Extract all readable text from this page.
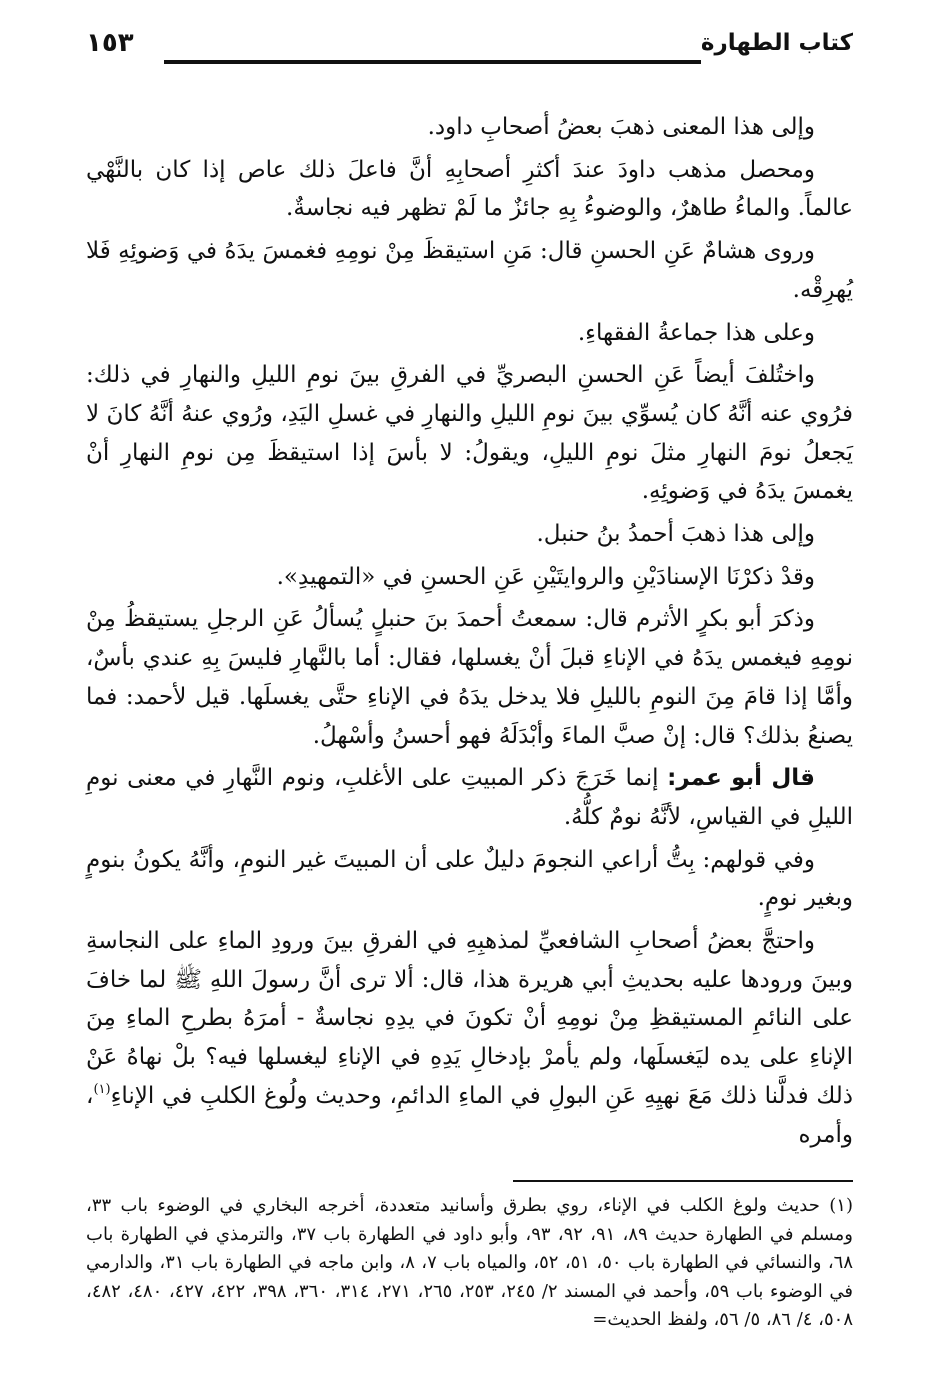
كتاب الطهارة
١٥٣

وإلى هذا المعنى ذهبَ بعضُ أصحابِ داود.

ومحصل مذهب داودَ عندَ أكثرِ أصحابِهِ أنَّ فاعلَ ذلك عاص إذا كان بالنَّهْي عالماً. والماءُ طاهرٌ، والوضوءُ بِهِ جائزٌ ما لَمْ تظهر فيه نجاسةٌ.

وروى هشامٌ عَنِ الحسنِ قال: مَنِ استيقظَ مِنْ نومِهِ فغمسَ يدَهُ في وَضوئِهِ فَلا يُهرِقْه.

وعلى هذا جماعةُ الفقهاءِ.

واختُلفَ أيضاً عَنِ الحسنِ البصريِّ في الفرقِ بينَ نومِ الليلِ والنهارِ في ذلك: فرُوي عنه أنَّهُ كان يُسوِّي بينَ نومِ الليلِ والنهارِ في غسلِ اليَدِ، ورُوي عنهُ أنَّهُ كانَ لا يَجعلُ نومَ النهارِ مثلَ نومِ الليلِ، ويقولُ: لا بأسَ إذا استيقظَ مِن نومِ النهارِ أنْ يغمسَ يدَهُ في وَضوئِهِ.

وإلى هذا ذهبَ أحمدُ بنُ حنبل.

وقدْ ذكرْنَا الإسنادَيْنِ والروايتَيْنِ عَنِ الحسنِ في «التمهيدِ».

وذكرَ أبو بكرٍ الأثرم قال: سمعتُ أحمدَ بنَ حنبلٍ يُسألُ عَنِ الرجلِ يستيقظُ مِنْ نومِهِ فيغمس يدَهُ في الإناءِ قبلَ أنْ يغسلها، فقال: أما بالنَّهارِ فليسَ بِهِ عندي بأسٌ، وأمَّا إذا قامَ مِنَ النومِ بالليلِ فلا يدخل يدَهُ في الإناءِ حتَّى يغسلَها. قيل لأحمد: فما يصنعُ بذلك؟ قال: إنْ صبَّ الماءَ وأبْدَلَهُ فهو أحسنُ وأسْهلُ.

قال أبو عمر: إنما خَرَجَ ذكر المبيتِ على الأغلبِ، ونوم النَّهارِ في معنى نومِ الليلِ في القياسِ، لأنَّهُ نومٌ كلُّهُ.

وفي قولهم: بِتُّ أراعي النجومَ دليلٌ على أن المبيتَ غير النومِ، وأنَّهُ يكونُ بنومٍ وبغير نومٍ.

واحتجَّ بعضُ أصحابِ الشافعيِّ لمذهبِهِ في الفرقِ بينَ ورودِ الماءِ على النجاسةِ وبينَ ورودها عليه بحديثِ أبي هريرة هذا، قال: ألا ترى أنَّ رسولَ اللهِ ﷺ لما خافَ على النائمِ المستيقظِ مِنْ نومِهِ أنْ تكونَ في يدِهِ نجاسةٌ - أمرَهُ بطرحِ الماءِ مِنَ الإناءِ على يده ليَغسلَها، ولم يأمرْ بإدخالِ يَدِهِ في الإناءِ ليغسلها فيه؟ بلْ نهاهُ عَنْ ذلك فدلَّنا ذلك مَعَ نهيِهِ عَنِ البولِ في الماءِ الدائمِ، وحديث ولُوغ الكلبِ في الإناءِ$^{(١)}$، وأمره

(١) حديث ولوغ الكلب في الإناء، روي بطرق وأسانيد متعددة، أخرجه البخاري في الوضوء باب ٣٣، ومسلم في الطهارة حديث ٨٩، ٩١، ٩٢، ٩٣، وأبو داود في الطهارة باب ٣٧، والترمذي في الطهارة باب ٦٨، والنسائي في الطهارة باب ٥٠، ٥١، ٥٢، والمياه باب ٧، ٨، وابن ماجه في الطهارة باب ٣١، والدارمي في الوضوء باب ٥٩، وأحمد في المسند ٢/ ٢٤٥، ٢٥٣، ٢٦٥، ٢٧١، ٣١٤، ٣٦٠، ٣٩٨، ٤٢٢، ٤٢٧، ٤٨٠، ٤٨٢، ٥٠٨، ٤/ ٨٦، ٥/ ٥٦، ولفظ الحديث=
